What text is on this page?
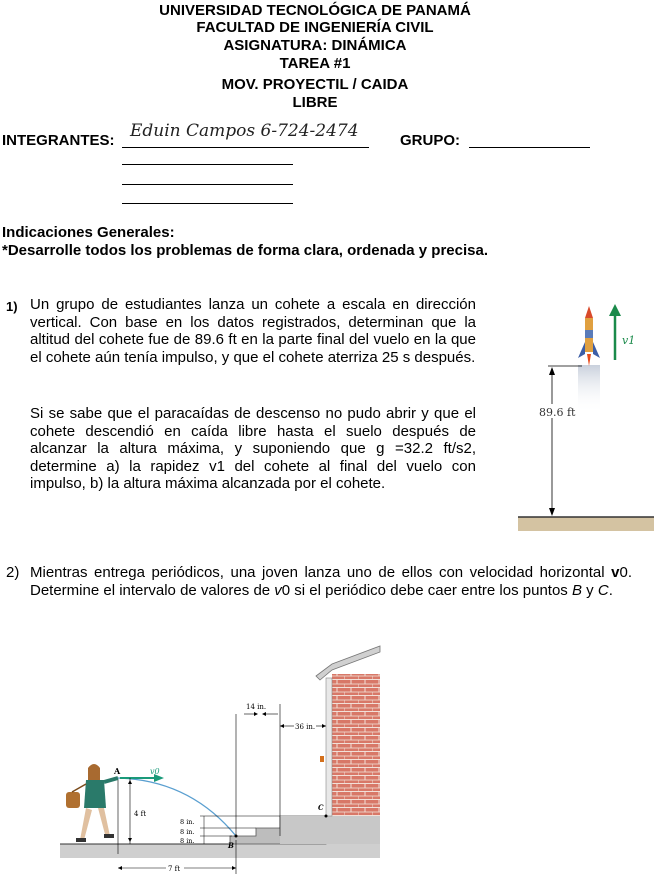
UNIVERSIDAD TECNOLÓGICA DE PANAMÁ
FACULTAD DE INGENIERÍA CIVIL
ASIGNATURA: DINÁMICA
TAREA #1
MOV. PROYECTIL / CAIDA
LIBRE
INTEGRANTES: Eduin Campos 6-724-2474	GRUPO:
Indicaciones Generales:
*Desarrolle todos los problemas de forma clara, ordenada y precisa.
1) Un grupo de estudiantes lanza un cohete a escala en dirección vertical. Con base en los datos registrados, determinan que la altitud del cohete fue de 89.6 ft en la parte final del vuelo en la que el cohete aún tenía impulso, y que el cohete aterriza 25 s después.
Si se sabe que el paracaídas de descenso no pudo abrir y que el cohete descendió en caída libre hasta el suelo después de alcanzar la altura máxima, y suponiendo que g =32.2 ft/s2, determine a) la rapidez v1 del cohete al final del vuelo con impulso, b) la altura máxima alcanzada por el cohete.
v1
89.6 ft
2) Mientras entrega periódicos, una joven lanza uno de ellos con velocidad horizontal v0. Determine el intervalo de valores de v0 si el periódico debe caer entre los puntos B y C.
14 in.
36 in.
v0
A
4 ft
8 in.
8 in.
8 in.	B
C
7 ft
